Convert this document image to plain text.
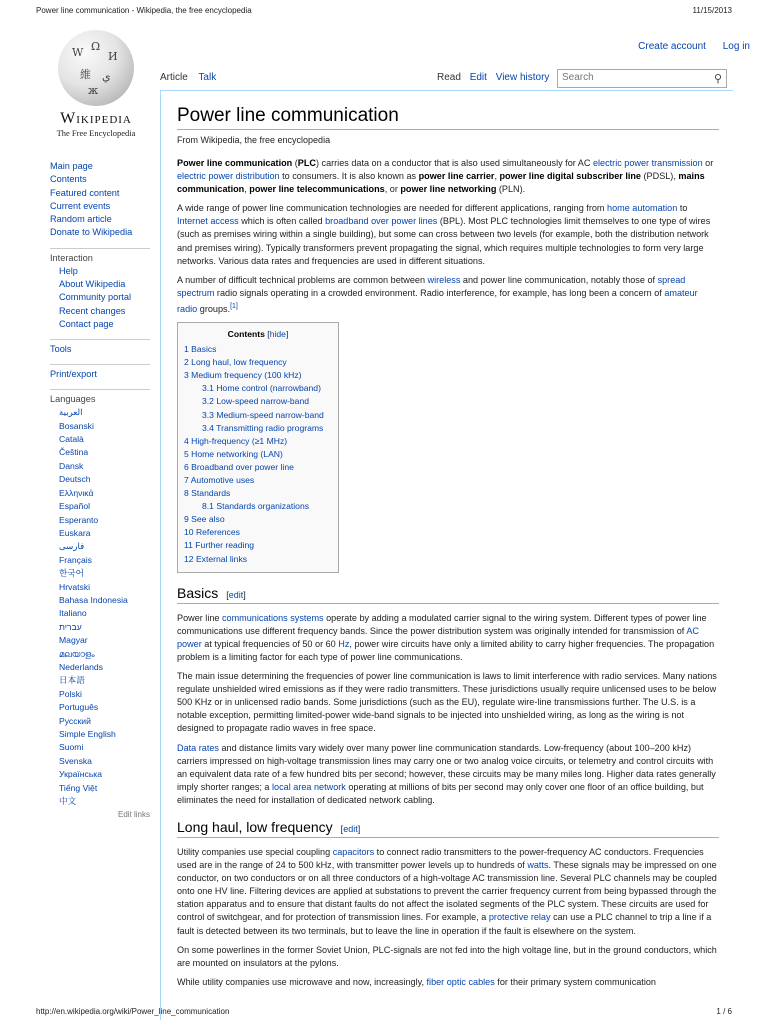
Power line communication - Wikipedia, the free encyclopedia	11/15/2013
Create account Log in
W Ω
И
維 ي
ж
Wikipedia
The Free Encyclopedia
Article Talk	Read Edit View history	Search	⚲
Main page
Contents
Featured content
Current events
Random article
Donate to Wikipedia
Interaction
Help
About Wikipedia
Community portal
Recent changes
Contact page
Tools
Print/export
Languages
العربية
Bosanski
Català
Čeština
Dansk
Deutsch
Ελληνικά
Español
Esperanto
Euskara
فارسی
Français
한국어
Hrvatski
Bahasa Indonesia
Italiano
עברית
Magyar
മലയാളം
Nederlands
日本語
Polski
Português
Русский
Simple English
Suomi
Svenska
Українська
Tiếng Việt
中文
Edit links
Power line communication
From Wikipedia, the free encyclopedia

Power line communication (PLC) carries data on a conductor that is also used simultaneously for AC electric power transmission or electric power distribution to consumers. It is also known as power line carrier, power line digital subscriber line (PDSL), mains communication, power line telecommunications, or power line networking (PLN).

A wide range of power line communication technologies are needed for different applications, ranging from home automation to Internet access which is often called broadband over power lines (BPL). Most PLC technologies limit themselves to one type of wires (such as premises wiring within a single building), but some can cross between two levels (for example, both the distribution network and premises wiring). Typically transformers prevent propagating the signal, which requires multiple technologies to form very large networks. Various data rates and frequencies are used in different situations.

A number of difficult technical problems are common between wireless and power line communication, notably those of spread spectrum radio signals operating in a crowded environment. Radio interference, for example, has long been a concern of amateur radio groups.[1]

Contents [hide]
1 Basics
2 Long haul, low frequency
3 Medium frequency (100 kHz)
3.1 Home control (narrowband)
3.2 Low-speed narrow-band
3.3 Medium-speed narrow-band
3.4 Transmitting radio programs
4 High-frequency (≥1 MHz)
5 Home networking (LAN)
6 Broadband over power line
7 Automotive uses
8 Standards
8.1 Standards organizations
9 See also
10 References
11 Further reading
12 External links
Basics [edit]

Power line communications systems operate by adding a modulated carrier signal to the wiring system. Different types of power line communications use different frequency bands. Since the power distribution system was originally intended for transmission of AC power at typical frequencies of 50 or 60 Hz, power wire circuits have only a limited ability to carry higher frequencies. The propagation problem is a limiting factor for each type of power line communications.

The main issue determining the frequencies of power line communication is laws to limit interference with radio services. Many nations regulate unshielded wired emissions as if they were radio transmitters. These jurisdictions usually require unlicensed uses to be below 500 KHz or in unlicensed radio bands. Some jurisdictions (such as the EU), regulate wire-line transmissions further. The U.S. is a notable exception, permitting limited-power wide-band signals to be injected into unshielded wiring, as long as the wiring is not designed to propagate radio waves in free space.

Data rates and distance limits vary widely over many power line communication standards. Low-frequency (about 100–200 kHz) carriers impressed on high-voltage transmission lines may carry one or two analog voice circuits, or telemetry and control circuits with an equivalent data rate of a few hundred bits per second; however, these circuits may be many miles long. Higher data rates generally imply shorter ranges; a local area network operating at millions of bits per second may only cover one floor of an office building, but eliminates the need for installation of dedicated network cabling.

Long haul, low frequency [edit]

Utility companies use special coupling capacitors to connect radio transmitters to the power-frequency AC conductors. Frequencies used are in the range of 24 to 500 kHz, with transmitter power levels up to hundreds of watts. These signals may be impressed on one conductor, on two conductors or on all three conductors of a high-voltage AC transmission line. Several PLC channels may be coupled onto one HV line. Filtering devices are applied at substations to prevent the carrier frequency current from being bypassed through the station apparatus and to ensure that distant faults do not affect the isolated segments of the PLC system. These circuits are used for control of switchgear, and for protection of transmission lines. For example, a protective relay can use a PLC channel to trip a line if a fault is detected between its two terminals, but to leave the line in operation if the fault is elsewhere on the system.

On some powerlines in the former Soviet Union, PLC-signals are not fed into the high voltage line, but in the ground conductors, which are mounted on insulators at the pylons.

While utility companies use microwave and now, increasingly, fiber optic cables for their primary system communication

http://en.wikipedia.org/wiki/Power_line_communication	1 / 6
